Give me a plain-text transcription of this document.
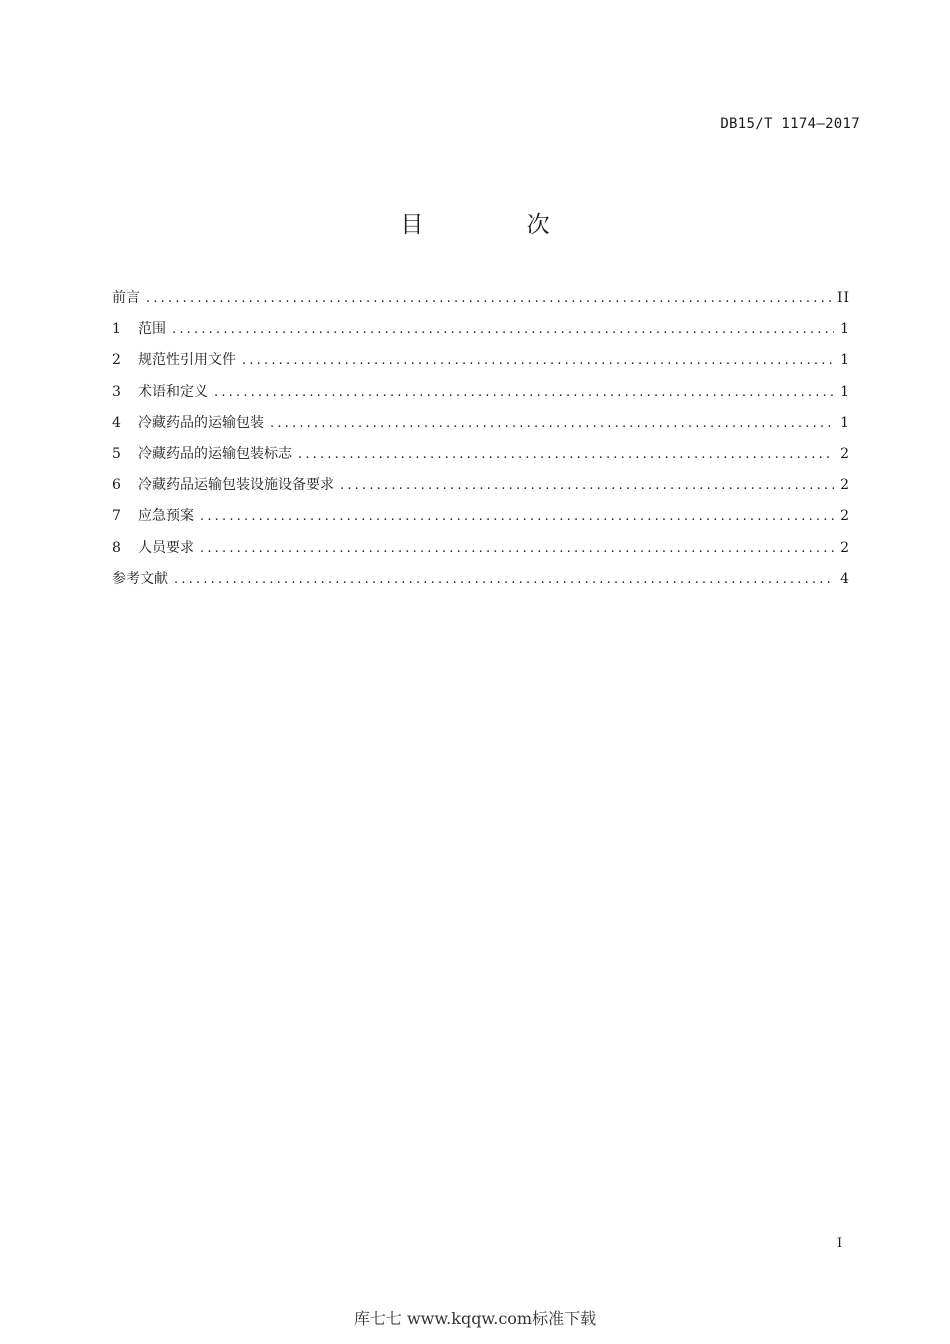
DB15/T 1174—2017
目 次
前言 .....	II
1	范围 .....	1
2	规范性引用文件 .....	1
3	术语和定义 .....	1
4	冷藏药品的运输包装 .....	1
5	冷藏药品的运输包装标志 .....	2
6	冷藏药品运输包装设施设备要求 .....	2
7	应急预案 .....	2
8	人员要求 .....	2
参考文献 .....	4
I
库七七 www.kqqw.com标准下载
